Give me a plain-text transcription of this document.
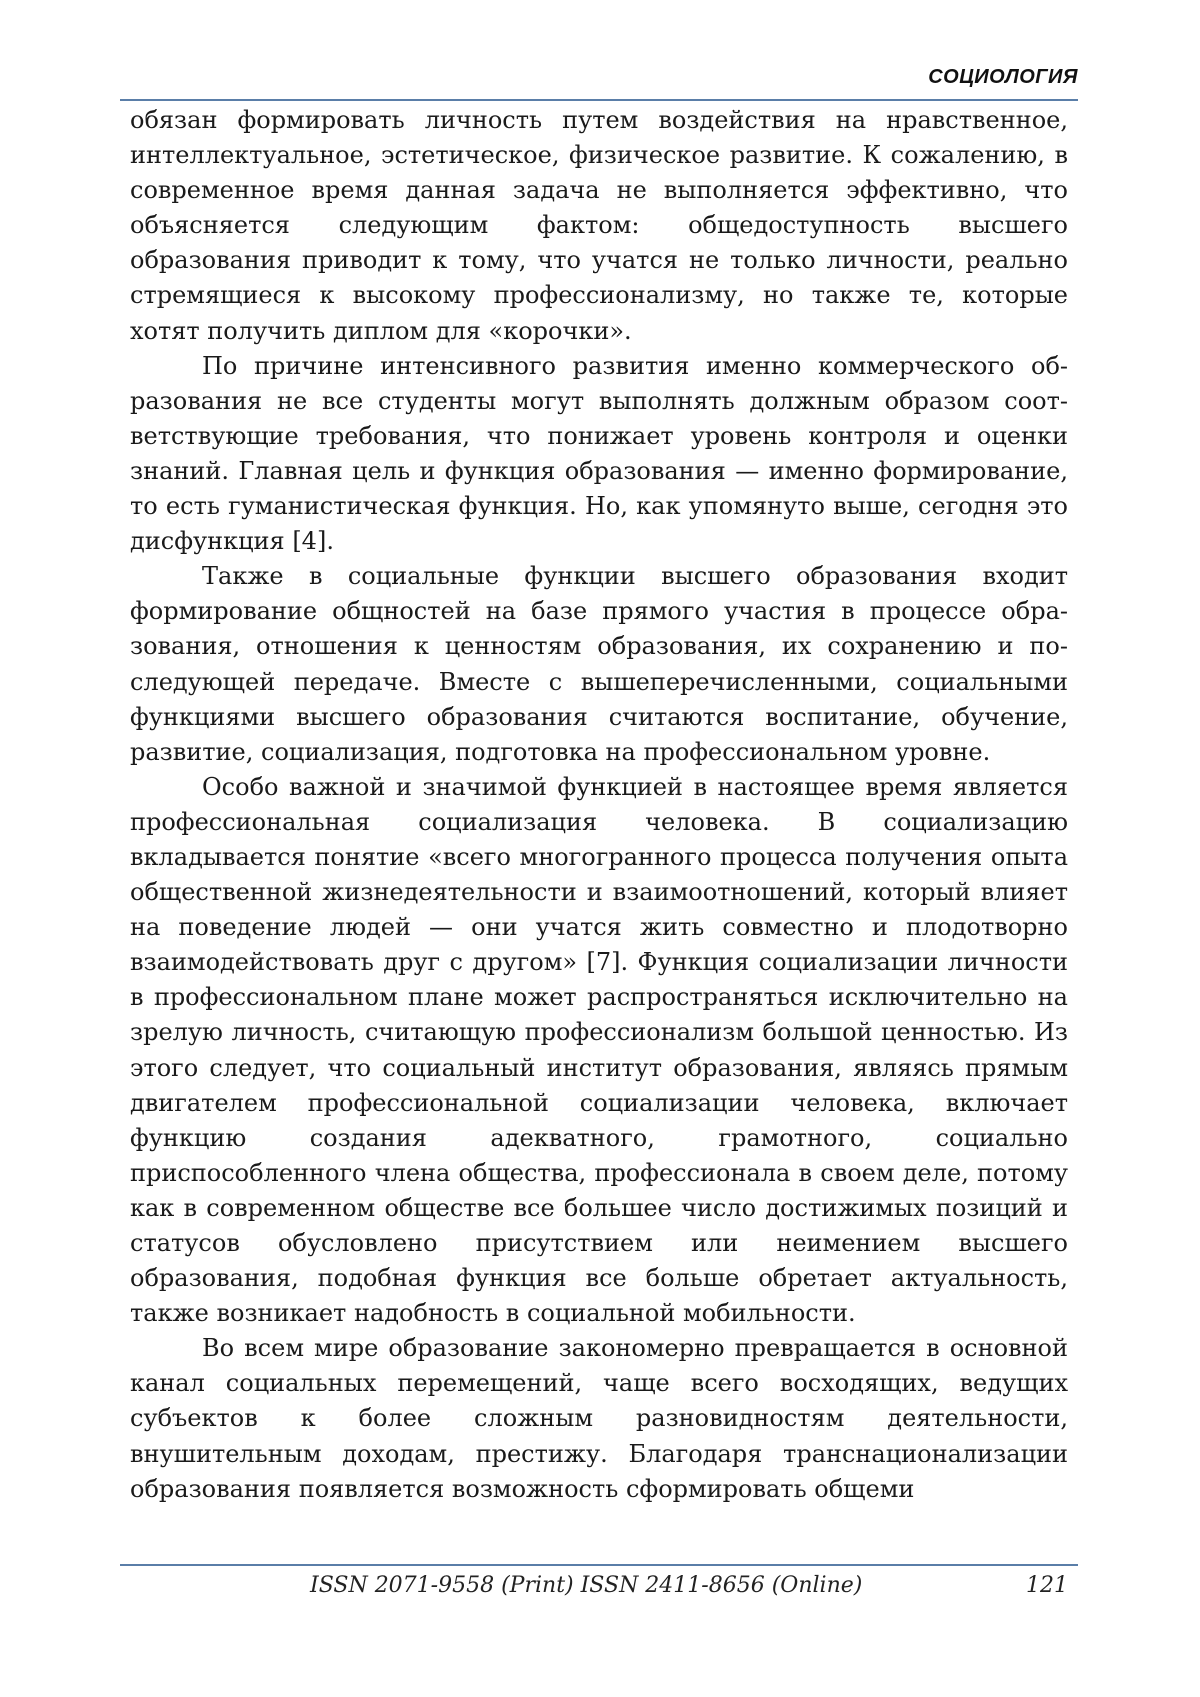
СОЦИОЛОГИЯ

обязан формировать личность путем воздействия на нравственное, интеллектуальное, эстетическое, физическое развитие. К сожалению, в современное время данная задача не выполняется эффективно, что объясняется следующим фактом: общедоступность высшего образования приводит к тому, что учатся не только личности, реально стремящиеся к высокому профессионализму, но также те, которые хотят получить диплом для «корочки».

По причине интенсивного развития именно коммерческого образования не все студенты могут выполнять должным образом соответствующие требования, что понижает уровень контроля и оценки знаний. Главная цель и функция образования — именно формирование, то есть гуманистическая функция. Но, как упомянуто выше, сегодня это дисфункция [4].

Также в социальные функции высшего образования входит формирование общностей на базе прямого участия в процессе образования, отношения к ценностям образования, их сохранению и последующей передаче. Вместе с вышеперечисленными, социальными функциями высшего образования считаются воспитание, обучение, развитие, социализация, подготовка на профессиональном уровне.

Особо важной и значимой функцией в настоящее время является профессиональная социализация человека. В социализацию вкладывается понятие «всего многогранного процесса получения опыта общественной жизнедеятельности и взаимоотношений, который влияет на поведение людей — они учатся жить совместно и плодотворно взаимодействовать друг с другом» [7]. Функция социализации личности в профессиональном плане может распространяться исключительно на зрелую личность, считающую профессионализм большой ценностью. Из этого следует, что социальный институт образования, являясь прямым двигателем профессиональной социализации человека, включает функцию создания адекватного, грамотного, социально приспособленного члена общества, профессионала в своем деле, потому как в современном обществе все большее число достижимых позиций и статусов обусловлено присутствием или неимением высшего образования, подобная функция все больше обретает актуальность, также возникает надобность в социальной мобильности.

Во всем мире образование закономерно превращается в основной канал социальных перемещений, чаще всего восходящих, ведущих субъектов к более сложным разновидностям деятельности, внушительным доходам, престижу. Благодаря транснационализации образования появляется возможность сформировать общеми

ISSN 2071-9558 (Print) ISSN 2411-8656 (Online)	121
